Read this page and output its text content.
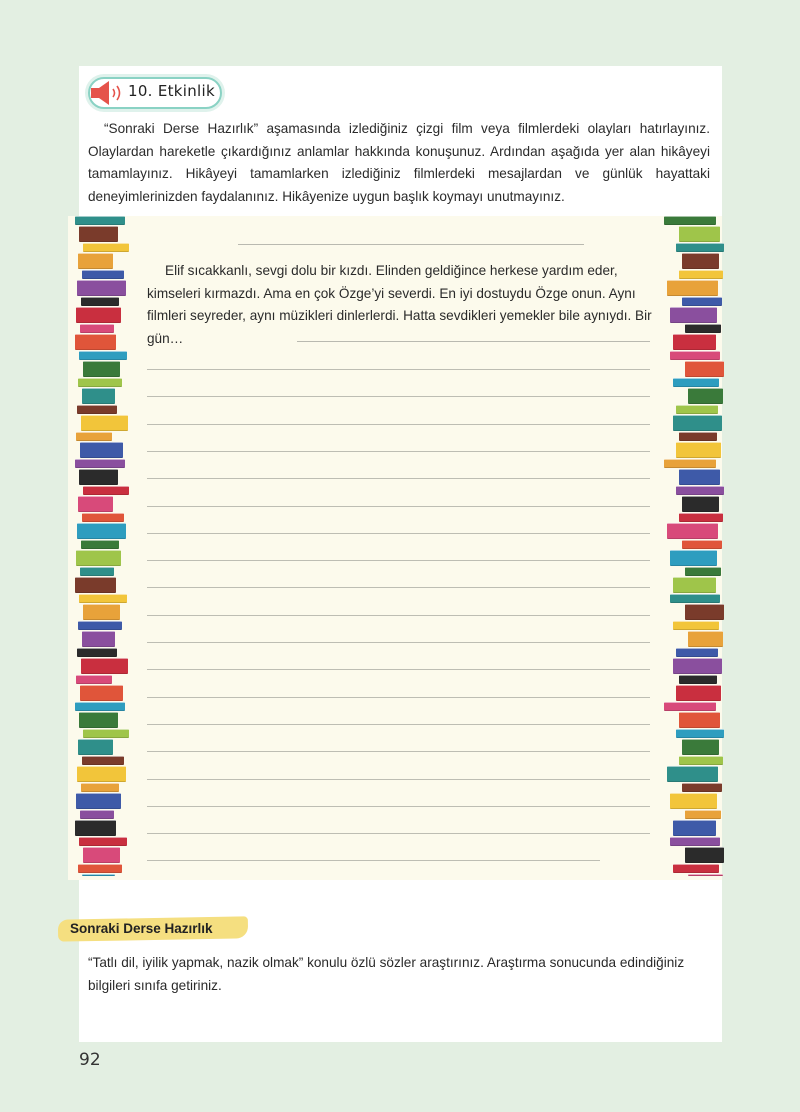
10. Etkinlik
“Sonraki Derse Hazırlık” aşamasında izlediğiniz çizgi film veya filmlerdeki olayları hatırlayınız. Olaylardan hareketle çıkardığınız anlamlar hakkında konuşunuz. Ardından aşağıda yer alan hikâyeyi tamamlayınız. Hikâyeyi tamamlarken izlediğiniz filmlerdeki mesajlardan ve günlük hayattaki deneyimlerinizden faydalanınız. Hikâyenize uygun başlık koymayı unutmayınız.
Elif sıcakkanlı, sevgi dolu bir kızdı. Elinden geldiğince herkese yardım eder, kimseleri kırmazdı. Ama en çok Özge’yi severdi. En iyi dostuydu Özge onun. Aynı filmleri seyreder, aynı müzikleri dinlerlerdi. Hatta sevdikleri yemekler bile aynıydı. Bir gün…
Sonraki Derse Hazırlık
“Tatlı dil, iyilik yapmak, nazik olmak” konulu özlü sözler araştırınız. Araştırma sonucunda edindiğiniz bilgileri sınıfa getiriniz.
92
